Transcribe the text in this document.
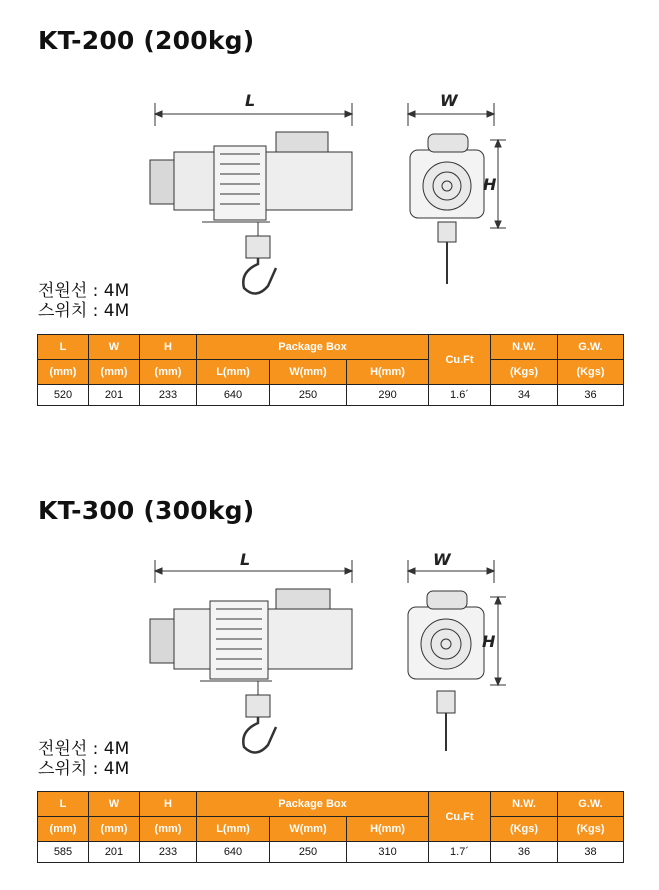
KT-200 (200kg)
L	W
H
전원선 : 4M
스위치 : 4M
L	W	H	Package Box			Cu.Ft	N.W.	G.W.
(mm)	(mm)	(mm)	L(mm)	W(mm)	H(mm)		(Kgs)	(Kgs)
520	201	233	640	250	290	1.6´	34	36
KT-300 (300kg)
L	W
H
전원선 : 4M
스위치 : 4M
L	W	H	Package Box			Cu.Ft	N.W.	G.W.
(mm)	(mm)	(mm)	L(mm)	W(mm)	H(mm)		(Kgs)	(Kgs)
585	201	233	640	250	310	1.7´	36	38
